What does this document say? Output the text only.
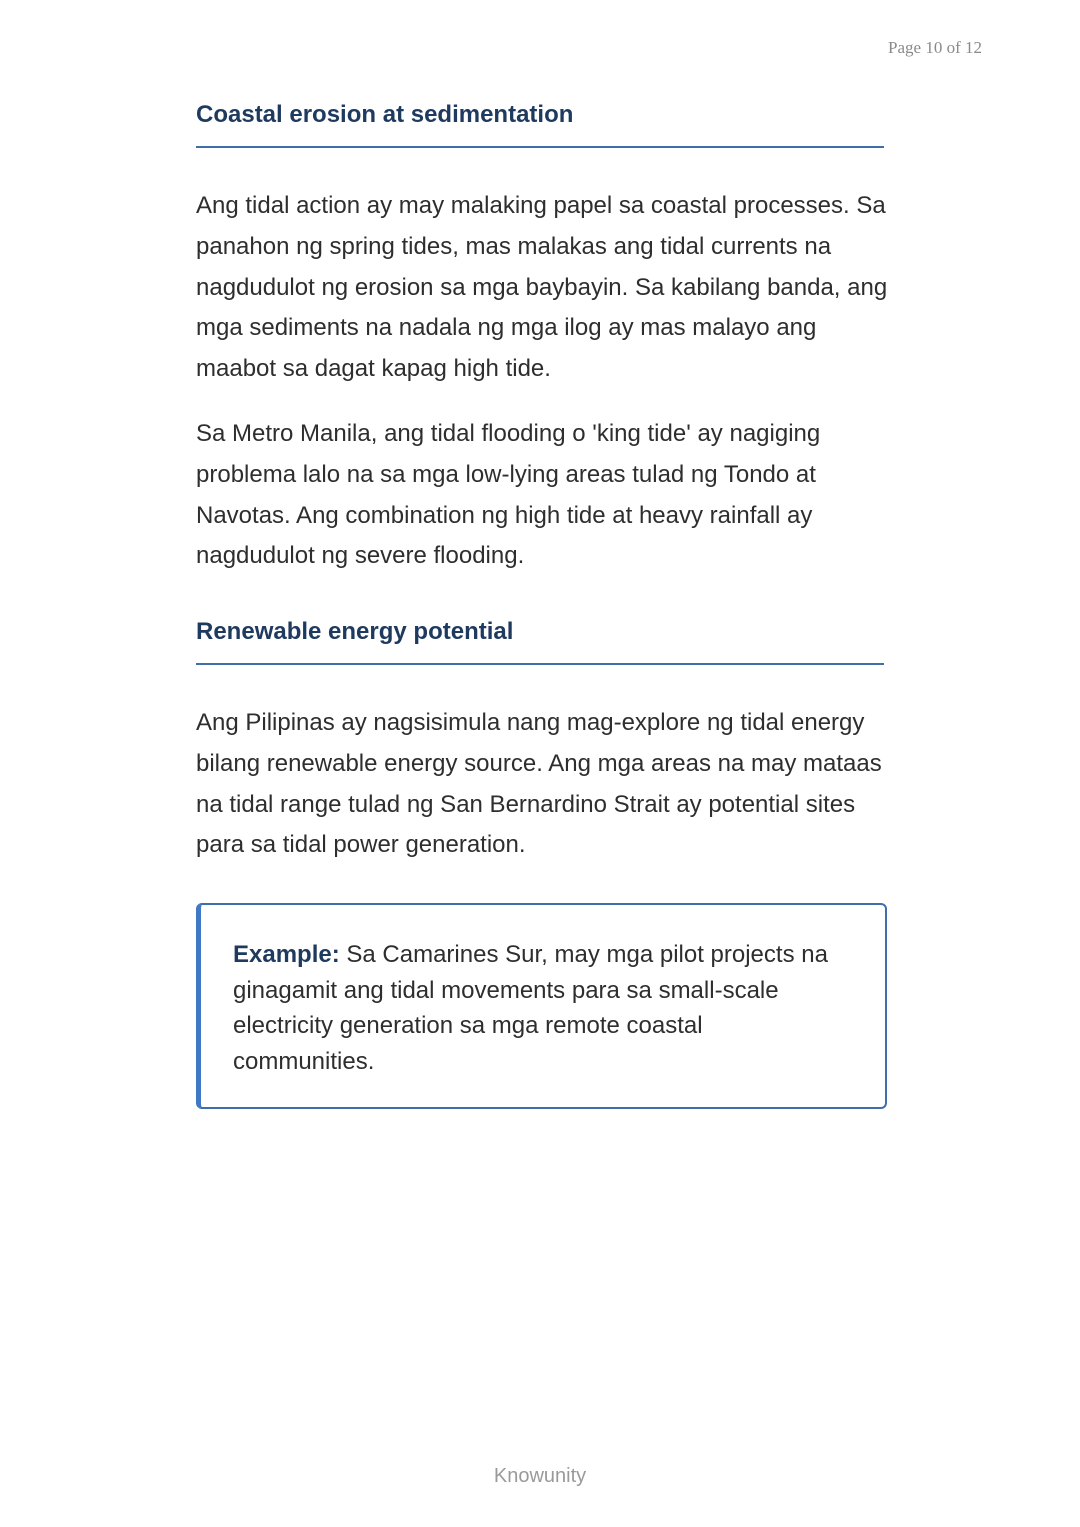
Page 10 of 12
Coastal erosion at sedimentation

Ang tidal action ay may malaking papel sa coastal processes. Sa panahon ng spring tides, mas malakas ang tidal currents na nagdudulot ng erosion sa mga baybayin. Sa kabilang banda, ang mga sediments na nadala ng mga ilog ay mas malayo ang maabot sa dagat kapag high tide.

Sa Metro Manila, ang tidal flooding o 'king tide' ay nagiging problema lalo na sa mga low-lying areas tulad ng Tondo at Navotas. Ang combination ng high tide at heavy rainfall ay nagdudulot ng severe flooding.

Renewable energy potential

Ang Pilipinas ay nagsisimula nang mag-explore ng tidal energy bilang renewable energy source. Ang mga areas na may mataas na tidal range tulad ng San Bernardino Strait ay potential sites para sa tidal power generation.

Example: Sa Camarines Sur, may mga pilot projects na ginagamit ang tidal movements para sa small-scale electricity generation sa mga remote coastal communities.

Knowunity
